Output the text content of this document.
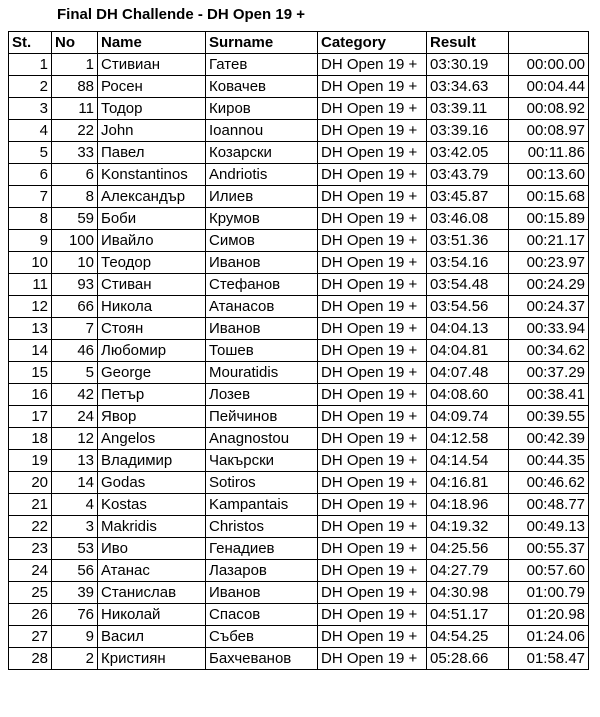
Final DH Challende - DH Open 19 +
St.	No	Name	Surname	Category	Result	
1	1	Стивиан	Гатев	DH Open 19 +	03:30.19	00:00.00
2	88	Росен	Ковачев	DH Open 19 +	03:34.63	00:04.44
3	11	Тодор	Киров	DH Open 19 +	03:39.11	00:08.92
4	22	John	Ioannou	DH Open 19 +	03:39.16	00:08.97
5	33	Павел	Козарски	DH Open 19 +	03:42.05	00:11.86
6	6	Konstantinos	Andriotis	DH Open 19 +	03:43.79	00:13.60
7	8	Александър	Илиев	DH Open 19 +	03:45.87	00:15.68
8	59	Боби	Крумов	DH Open 19 +	03:46.08	00:15.89
9	100	Ивайло	Симов	DH Open 19 +	03:51.36	00:21.17
10	10	Теодор	Иванов	DH Open 19 +	03:54.16	00:23.97
11	93	Стиван	Стефанов	DH Open 19 +	03:54.48	00:24.29
12	66	Никола	Атанасов	DH Open 19 +	03:54.56	00:24.37
13	7	Стоян	Иванов	DH Open 19 +	04:04.13	00:33.94
14	46	Любомир	Тошев	DH Open 19 +	04:04.81	00:34.62
15	5	George	Mouratidis	DH Open 19 +	04:07.48	00:37.29
16	42	Петър	Лозев	DH Open 19 +	04:08.60	00:38.41
17	24	Явор	Пейчинов	DH Open 19 +	04:09.74	00:39.55
18	12	Angelos	Anagnostou	DH Open 19 +	04:12.58	00:42.39
19	13	Владимир	Чакърски	DH Open 19 +	04:14.54	00:44.35
20	14	Godas	Sotiros	DH Open 19 +	04:16.81	00:46.62
21	4	Kostas	Kampantais	DH Open 19 +	04:18.96	00:48.77
22	3	Makridis	Christos	DH Open 19 +	04:19.32	00:49.13
23	53	Иво	Генадиев	DH Open 19 +	04:25.56	00:55.37
24	56	Атанас	Лазаров	DH Open 19 +	04:27.79	00:57.60
25	39	Станислав	Иванов	DH Open 19 +	04:30.98	01:00.79
26	76	Николай	Спасов	DH Open 19 +	04:51.17	01:20.98
27	9	Васил	Събев	DH Open 19 +	04:54.25	01:24.06
28	2	Кристиян	Бахчеванов	DH Open 19 +	05:28.66	01:58.47
